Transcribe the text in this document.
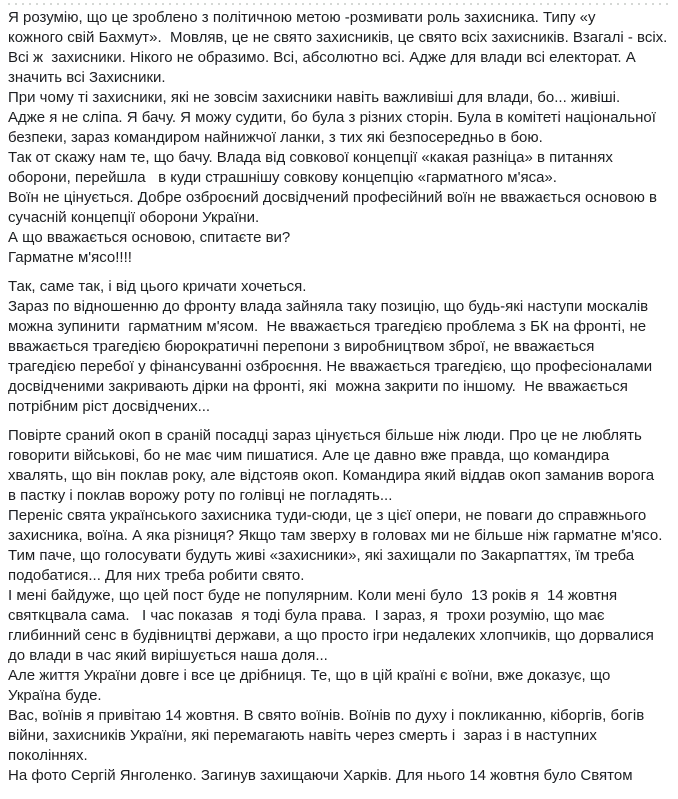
Я розумію, що це зроблено з політичною метою -розмивати роль захисника. Типу «у
кожного свій Бахмут».  Мовляв, це не свято захисників, це свято всіх захисників. Взагалі - всіх.
Всі ж  захисники. Нікого не образимо. Всі, абсолютно всі. Адже для влади всі електорат. А
значить всі Захисники.

При чому ті захисники, які не зовсім захисники навіть важливіші для влади, бо... живіші.

Адже я не сліпа. Я бачу. Я можу судити, бо була з різних сторін. Була в комітеті національної
безпеки, зараз командиром найнижчої ланки, з тих які безпосередньо в бою.

Так от скажу нам те, що бачу. Влада від совкової концепції «какая разніца» в питаннях
оборони, перейшла   в куди страшнішу совкову концепцію «гарматного м'яса».

Воїн не цінується. Добре озброєний досвідчений професійний воїн не вважається основою в
сучасній концепції оборони України.

А що вважається основою, спитаєте ви?

Гарматне м'ясо!!!!

Так, саме так, і від цього кричати хочеться.

Зараз по відношенню до фронту влада зайняла таку позицію, що будь-які наступи москалів
можна зупинити  гарматним м'ясом.  Не вважається трагедією проблема з БК на фронті, не
вважається трагедією бюрократичні перепони з виробництвом зброї, не вважається
трагедією перебої у фінансуванні озброєння. Не вважається трагедією, що професіоналами
досвідченими закривають дірки на фронті, які  можна закрити по іншому.  Не вважається
потрібним ріст досвідчених...

Повірте сраний окоп в сраній посадці зараз цінується більше ніж люди. Про це не люблять
говорити військові, бо не має чим пишатися. Але це давно вже правда, що командира
хвалять, що він поклав року, але відстояв окоп. Командира який віддав окоп заманив ворога
в пастку і поклав ворожу роту по голівці не погладять...

Переніс свята українського захисника туди-сюди, це з цієї опери, не поваги до справжнього
захисника, воїна. А яка різниця? Якщо там зверху в головах ми не більше ніж гарматне м'ясо.
Тим паче, що голосувати будуть живі «захисники», які захищали по Закарпаттях, їм треба
подобатися... Для них треба робити свято.

І мені байдуже, що цей пост буде не популярним. Коли мені було  13 років я  14 жовтня
святкцвала сама.   І час показав  я тоді була права.  І зараз, я  трохи розумію, що має
глибинний сенс в будівництві держави, а що просто ігри недалеких хлопчиків, що дорвалися
до влади в час який вирішується наша доля...

Але життя України довге і все це дрібниця. Те, що в цій країні є воїни, вже доказує, що
Україна буде.

Вас, воїнів я привітаю 14 жовтня. В свято воїнів. Воїнів по духу і покликанню, кіборгів, богів
війни, захисників України, які перемагають навіть через смерть і  зараз і в наступних
поколіннях.

На фото Сергій Янголенко. Загинув захищаючи Харків. Для нього 14 жовтня було Святом
